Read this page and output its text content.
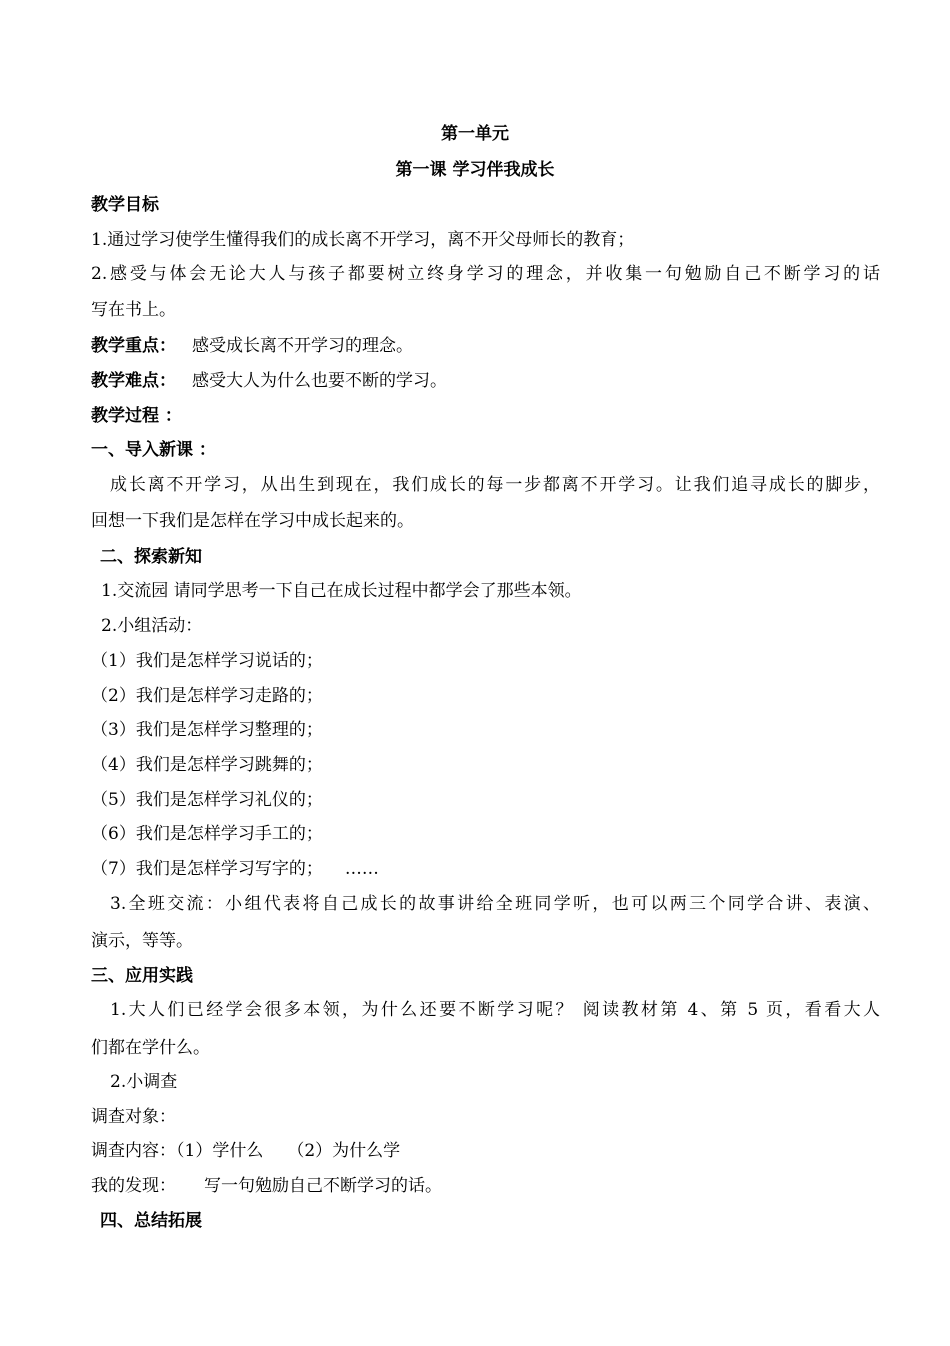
第一单元
第一课 学习伴我成长
教学目标
1.通过学习使学生懂得我们的成长离不开学习，离不开父母师长的教育；
2.感受与体会无论大人与孩子都要树立终身学习的理念，并收集一句勉励自己不断学习的话
写在书上。
教学重点： 感受成长离不开学习的理念。
教学难点： 感受大人为什么也要不断的学习。
教学过程 ：
一、导入新课 ：
成长离不开学习，从出生到现在，我们成长的每一步都离不开学习。让我们追寻成长的脚步，
回想一下我们是怎样在学习中成长起来的。
二、探索新知
1.交流园 请同学思考一下自己在成长过程中都学会了那些本领。
2.小组活动：
（1）我们是怎样学习说话的；
（2）我们是怎样学习走路的；
（3）我们是怎样学习整理的；
（4）我们是怎样学习跳舞的；
（5）我们是怎样学习礼仪的；
（6）我们是怎样学习手工的；
（7）我们是怎样学习写字的； ……
3.全班交流：小组代表将自己成长的故事讲给全班同学听，也可以两三个同学合讲、表演、
演示，等等。
三、应用实践
1.大人们已经学会很多本领，为什么还要不断学习呢？ 阅读教材第 4、第 5 页，看看大人
们都在学什么。
2.小调查
调查对象：
调查内容：（1）学什么 （2）为什么学
我的发现： 写一句勉励自己不断学习的话。
四、总结拓展
